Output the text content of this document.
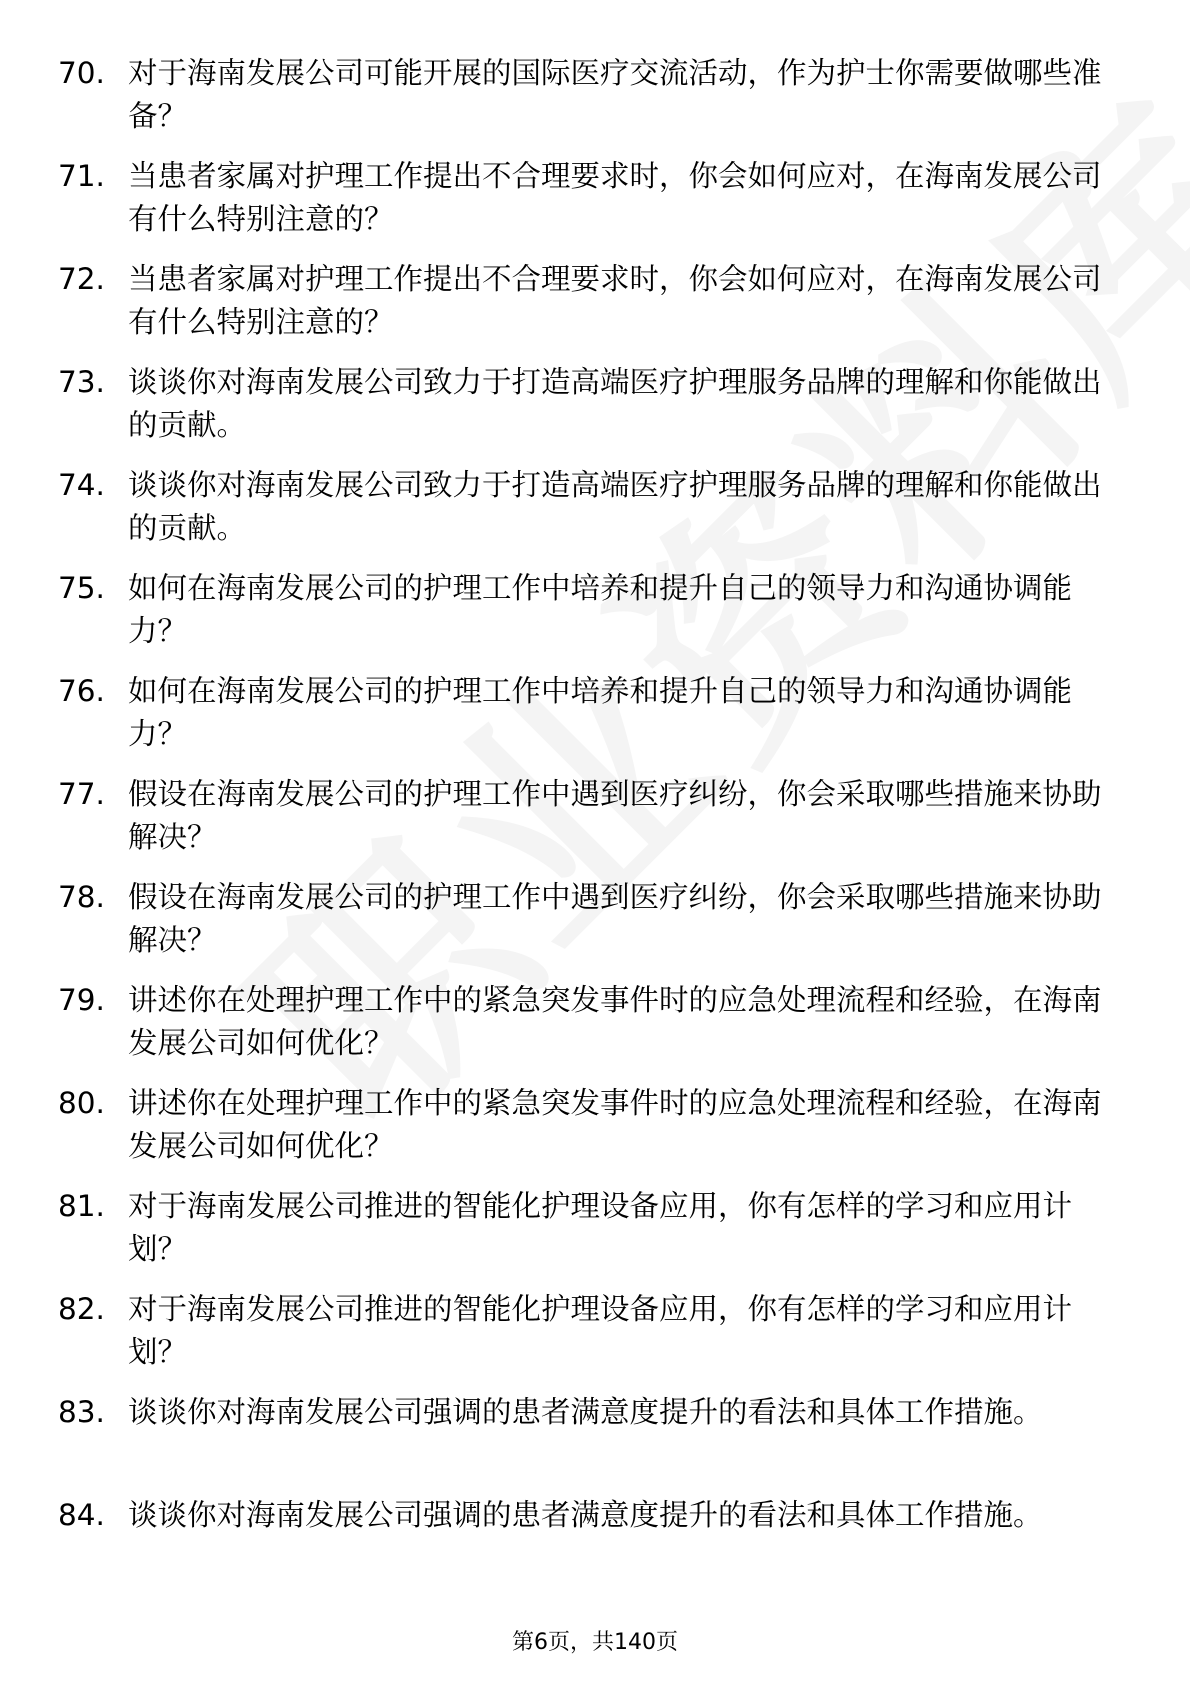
70. 对于海南发展公司可能开展的国际医疗交流活动，作为护士你需要做哪些准备？
71. 当患者家属对护理工作提出不合理要求时，你会如何应对，在海南发展公司有什么特别注意的？
72. 当患者家属对护理工作提出不合理要求时，你会如何应对，在海南发展公司有什么特别注意的？
73. 谈谈你对海南发展公司致力于打造高端医疗护理服务品牌的理解和你能做出的贡献。
74. 谈谈你对海南发展公司致力于打造高端医疗护理服务品牌的理解和你能做出的贡献。
75. 如何在海南发展公司的护理工作中培养和提升自己的领导力和沟通协调能力？
76. 如何在海南发展公司的护理工作中培养和提升自己的领导力和沟通协调能力？
77. 假设在海南发展公司的护理工作中遇到医疗纠纷，你会采取哪些措施来协助解决？
78. 假设在海南发展公司的护理工作中遇到医疗纠纷，你会采取哪些措施来协助解决？
79. 讲述你在处理护理工作中的紧急突发事件时的应急处理流程和经验，在海南发展公司如何优化？
80. 讲述你在处理护理工作中的紧急突发事件时的应急处理流程和经验，在海南发展公司如何优化？
81. 对于海南发展公司推进的智能化护理设备应用，你有怎样的学习和应用计划？
82. 对于海南发展公司推进的智能化护理设备应用，你有怎样的学习和应用计划？
83. 谈谈你对海南发展公司强调的患者满意度提升的看法和具体工作措施。
84. 谈谈你对海南发展公司强调的患者满意度提升的看法和具体工作措施。
第6页，共140页
